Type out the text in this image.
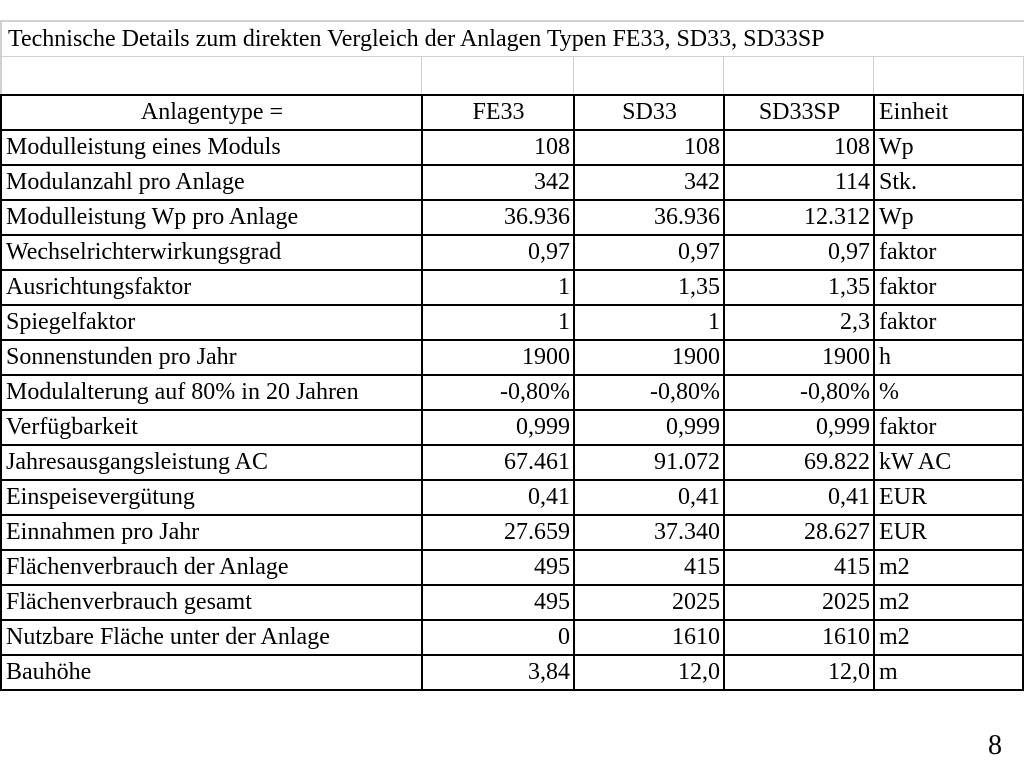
Technische Details zum direkten Vergleich der Anlagen Typen FE33, SD33, SD33SP
Anlagentype =	FE33	SD33	SD33SP	Einheit
Modulleistung eines Moduls	108	108	108	Wp
Modulanzahl pro Anlage	342	342	114	Stk.
Modulleistung Wp pro Anlage	36.936	36.936	12.312	Wp
Wechselrichterwirkungsgrad	0,97	0,97	0,97	faktor
Ausrichtungsfaktor	1	1,35	1,35	faktor
Spiegelfaktor	1	1	2,3	faktor
Sonnenstunden pro Jahr	1900	1900	1900	h
Modulalterung auf 80% in 20 Jahren	-0,80%	-0,80%	-0,80%	%
Verfügbarkeit	0,999	0,999	0,999	faktor
Jahresausgangsleistung AC	67.461	91.072	69.822	kW AC
Einspeisevergütung	0,41	0,41	0,41	EUR
Einnahmen pro Jahr	27.659	37.340	28.627	EUR
Flächenverbrauch der Anlage	495	415	415	m2
Flächenverbrauch gesamt	495	2025	2025	m2
Nutzbare Fläche unter der Anlage	0	1610	1610	m2
Bauhöhe	3,84	12,0	12,0	m
8
